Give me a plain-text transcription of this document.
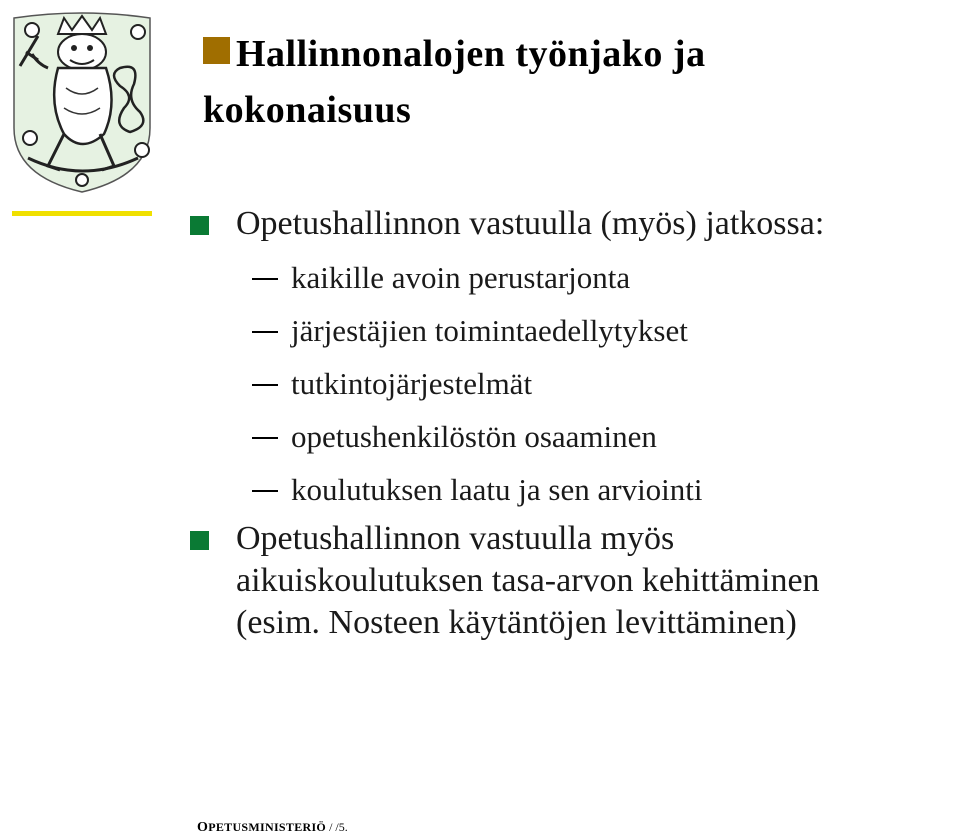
Hallinnonalojen työnjako ja
kokonaisuus
Opetushallinnon vastuulla (myös) jatkossa:
kaikille avoin perustarjonta
järjestäjien toimintaedellytykset
tutkintojärjestelmät
opetushenkilöstön osaaminen
koulutuksen laatu ja sen arviointi
Opetushallinnon vastuulla myös
aikuiskoulutuksen tasa-arvon kehittäminen
(esim. Nosteen käytäntöjen levittäminen)
OPETUSMINISTERIÖ / /5.
